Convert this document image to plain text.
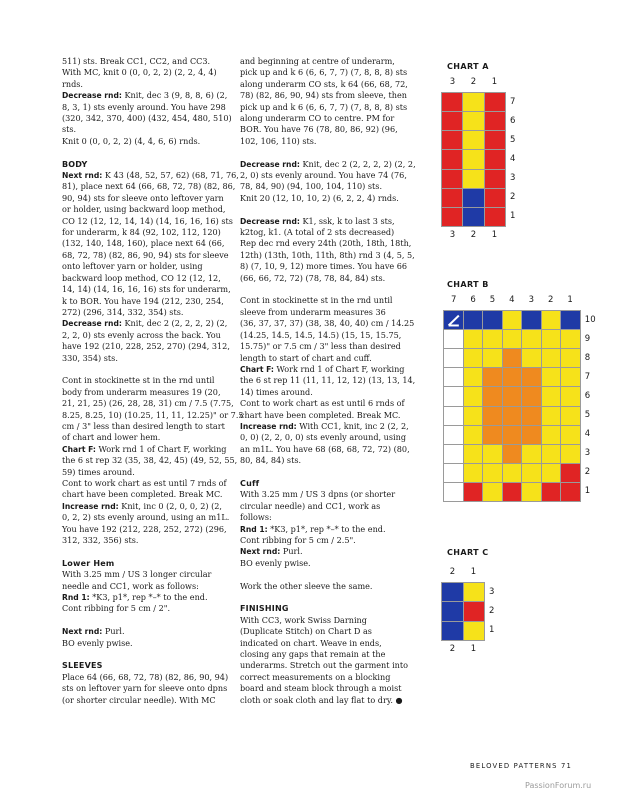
511) sts. Break CC1, CC2, and CC3.
With MC, knit 0 (0, 0, 2, 2) (2, 2, 4, 4)
rnds.
Decrease rnd: Knit, dec 3 (9, 8, 8, 6) (2,
8, 3, 1) sts evenly around. You have 298
(320, 342, 370, 400) (432, 454, 480, 510)
sts.
Knit 0 (0, 0, 2, 2) (4, 4, 6, 6) rnds.
BODY
Next rnd: K 43 (48, 52, 57, 62) (68, 71, 76,
81), place next 64 (66, 68, 72, 78) (82, 86,
90, 94) sts for sleeve onto leftover yarn
or holder, using backward loop method,
CO 12 (12, 12, 14, 14) (14, 16, 16, 16) sts
for underarm, k 84 (92, 102, 112, 120)
(132, 140, 148, 160), place next 64 (66,
68, 72, 78) (82, 86, 90, 94) sts for sleeve
onto leftover yarn or holder, using
backward loop method, CO 12 (12, 12,
14, 14) (14, 16, 16, 16) sts for underarm,
k to BOR. You have 194 (212, 230, 254,
272) (296, 314, 332, 354) sts.
Decrease rnd: Knit, dec 2 (2, 2, 2, 2) (2,
2, 2, 0) sts evenly across the back. You
have 192 (210, 228, 252, 270) (294, 312,
330, 354) sts.
Cont in stockinette st in the rnd until
body from underarm measures 19 (20,
21, 21, 25) (26, 28, 28, 31) cm / 7.5 (7.75,
8.25, 8.25, 10) (10.25, 11, 11, 12.25)" or 7.5
cm / 3" less than desired length to start
of chart and lower hem.
Chart F: Work rnd 1 of Chart F, working
the 6 st rep 32 (35, 38, 42, 45) (49, 52, 55,
59) times around.
Cont to work chart as est until 7 rnds of
chart have been completed. Break MC.
Increase rnd: Knit, inc 0 (2, 0, 0, 2) (2,
0, 2, 2) sts evenly around, using an m1L.
You have 192 (212, 228, 252, 272) (296,
312, 332, 356) sts.
Lower Hem
With 3.25 mm / US 3 longer circular
needle and CC1, work as follows:
Rnd 1: *K3, p1*, rep *–* to the end.
Cont ribbing for 5 cm / 2".
Next rnd: Purl.
BO evenly pwise.
SLEEVES
Place 64 (66, 68, 72, 78) (82, 86, 90, 94)
sts on leftover yarn for sleeve onto dpns
(or shorter circular needle). With MC
and beginning at centre of underarm,
pick up and k 6 (6, 6, 7, 7) (7, 8, 8, 8) sts
along underarm CO sts, k 64 (66, 68, 72,
78) (82, 86, 90, 94) sts from sleeve, then
pick up and k 6 (6, 6, 7, 7) (7, 8, 8, 8) sts
along underarm CO to centre. PM for
BOR. You have 76 (78, 80, 86, 92) (96,
102, 106, 110) sts.
Decrease rnd: Knit, dec 2 (2, 2, 2, 2) (2, 2,
2, 0) sts evenly around. You have 74 (76,
78, 84, 90) (94, 100, 104, 110) sts.
Knit 20 (12, 10, 10, 2) (6, 2, 2, 4) rnds.
Decrease rnd: K1, ssk, k to last 3 sts,
k2tog, k1. (A total of 2 sts decreased)
Rep dec rnd every 24th (20th, 18th, 18th,
12th) (13th, 10th, 11th, 8th) rnd 3 (4, 5, 5,
8) (7, 10, 9, 12) more times. You have 66
(66, 66, 72, 72) (78, 78, 84, 84) sts.
Cont in stockinette st in the rnd until
sleeve from underarm measures 36
(36, 37, 37, 37) (38, 38, 40, 40) cm / 14.25
(14.25, 14.5, 14.5, 14.5) (15, 15, 15.75,
15.75)" or 7.5 cm / 3" less than desired
length to start of chart and cuff.
Chart F: Work rnd 1 of Chart F, working
the 6 st rep 11 (11, 11, 12, 12) (13, 13, 14,
14) times around.
Cont to work chart as est until 6 rnds of
chart have been completed. Break MC.
Increase rnd: With CC1, knit, inc 2 (2, 2,
0, 0) (2, 2, 0, 0) sts evenly around, using
an m1L. You have 68 (68, 68, 72, 72) (80,
80, 84, 84) sts.
Cuff
With 3.25 mm / US 3 dpns (or shorter
circular needle) and CC1, work as
follows:
Rnd 1: *K3, p1*, rep *–* to the end.
Cont ribbing for 5 cm / 2.5".
Next rnd: Purl.
BO evenly pwise.
Work the other sleeve the same.
FINISHING
With CC3, work Swiss Darning
(Duplicate Stitch) on Chart D as
indicated on chart. Weave in ends,
closing any gaps that remain at the
underarms. Stretch out the garment into
correct measurements on a blocking
board and steam block through a moist
cloth or soak cloth and lay flat to dry. ●
CHART A
CHART B
CHART C
BELOVED PATTERNS 71
PassionForum.ru
3
3
2
2
1
1
7
6
5
4
3
2
1
7	6	5	4	3	2	1
10
9
8
7
6
5
4
3
2
1
2
2
1
1
3
2
1
